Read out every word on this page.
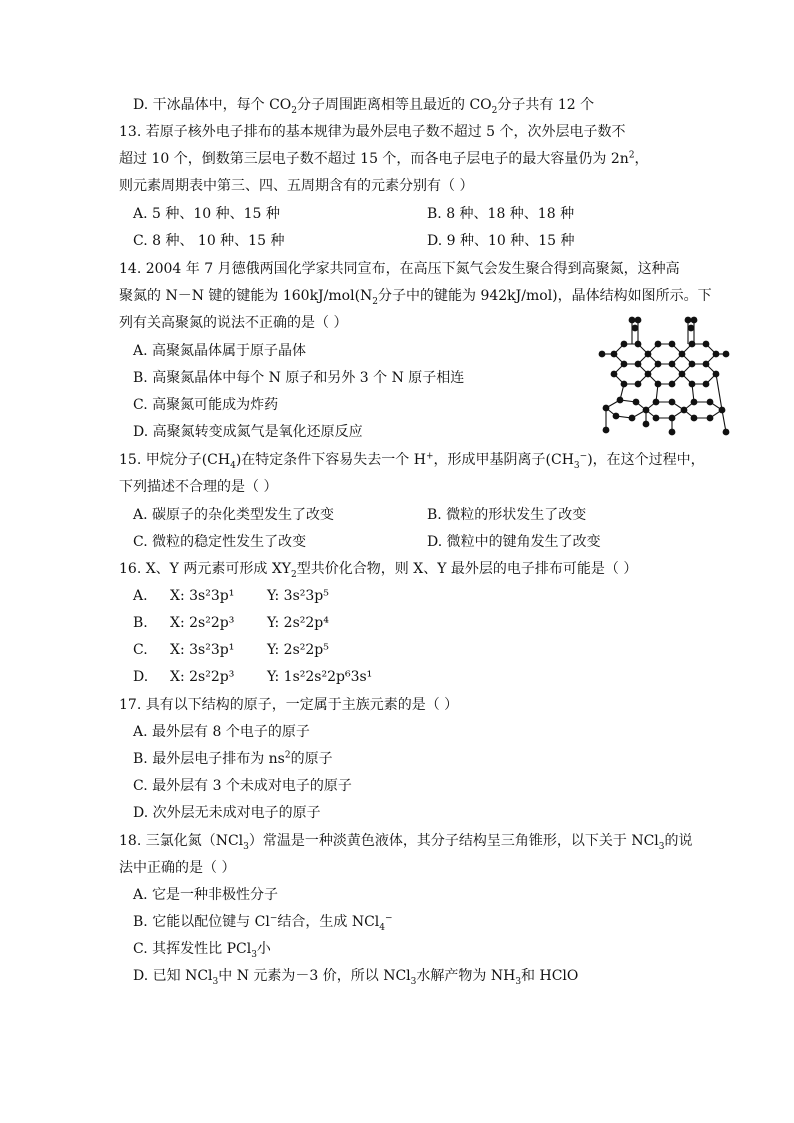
D. 干冰晶体中，每个 $CO_2$分子周围距离相等且最近的 $CO_2$分子共有 12 个
13. 若原子核外电子排布的基本规律为最外层电子数不超过 5 个，次外层电子数不
超过 10 个，倒数第三层电子数不超过 15 个，而各电子层电子的最大容量仍为 $2n^2$，
则元素周期表中第三、四、五周期含有的元素分别有（ ）
A. 5 种、10 种、15 种	B. 8 种、18 种、18 种
C. 8 种、 10 种、15 种	D. 9 种、10 种、15 种
14. 2004 年 7 月德俄两国化学家共同宣布，在高压下氮气会发生聚合得到高聚氮，这种高
聚氮的 N－N 键的键能为 $160kJ/mol(N_2$分子中的键能为 942kJ/mol)，晶体结构如图所示。下
列有关高聚氮的说法不正确的是（ ）
A. 高聚氮晶体属于原子晶体
B. 高聚氮晶体中每个 N 原子和另外 3 个 N 原子相连
C. 高聚氮可能成为炸药
D. 高聚氮转变成氮气是氧化还原反应
15. 甲烷分子$(CH_4)$在特定条件下容易失去一个 H+，形成甲基阴离子$(CH_3^-)$，在这个过程中，
下列描述不合理的是（ ）
A. 碳原子的杂化类型发生了改变	B. 微粒的形状发生了改变
C. 微粒的稳定性发生了改变	D. 微粒中的键角发生了改变
16. X、Y 两元素可形成 $XY_2$型共价化合物，则 X、Y 最外层的电子排布可能是（ ）
A. X: 3s²3p¹ Y: 3s²3p⁵
B. X: 2s²2p³ Y: 2s²2p⁴
C. X: 3s²3p¹ Y: 2s²2p⁵
D. X: 2s²2p³ Y: 1s²2s²2p⁶3s¹
17. 具有以下结构的原子，一定属于主族元素的是（ ）
A. 最外层有 8 个电子的原子
B. 最外层电子排布为 $ns^2$的原子
C. 最外层有 3 个未成对电子的原子
D. 次外层无未成对电子的原子
18. 三氯化氮（NCl$_3$）常温是一种淡黄色液体，其分子结构呈三角锥形，以下关于 NCl$_3$的说
法中正确的是（ ）
A. 它是一种非极性分子
B. 它能以配位键与 Cl−结合，生成 NCl$_4$−
C. 其挥发性比 PCl$_3$小
D. 已知 NCl$_3$中 N 元素为－3 价，所以 NCl$_3$水解产物为 $NH_3$和 HClO
